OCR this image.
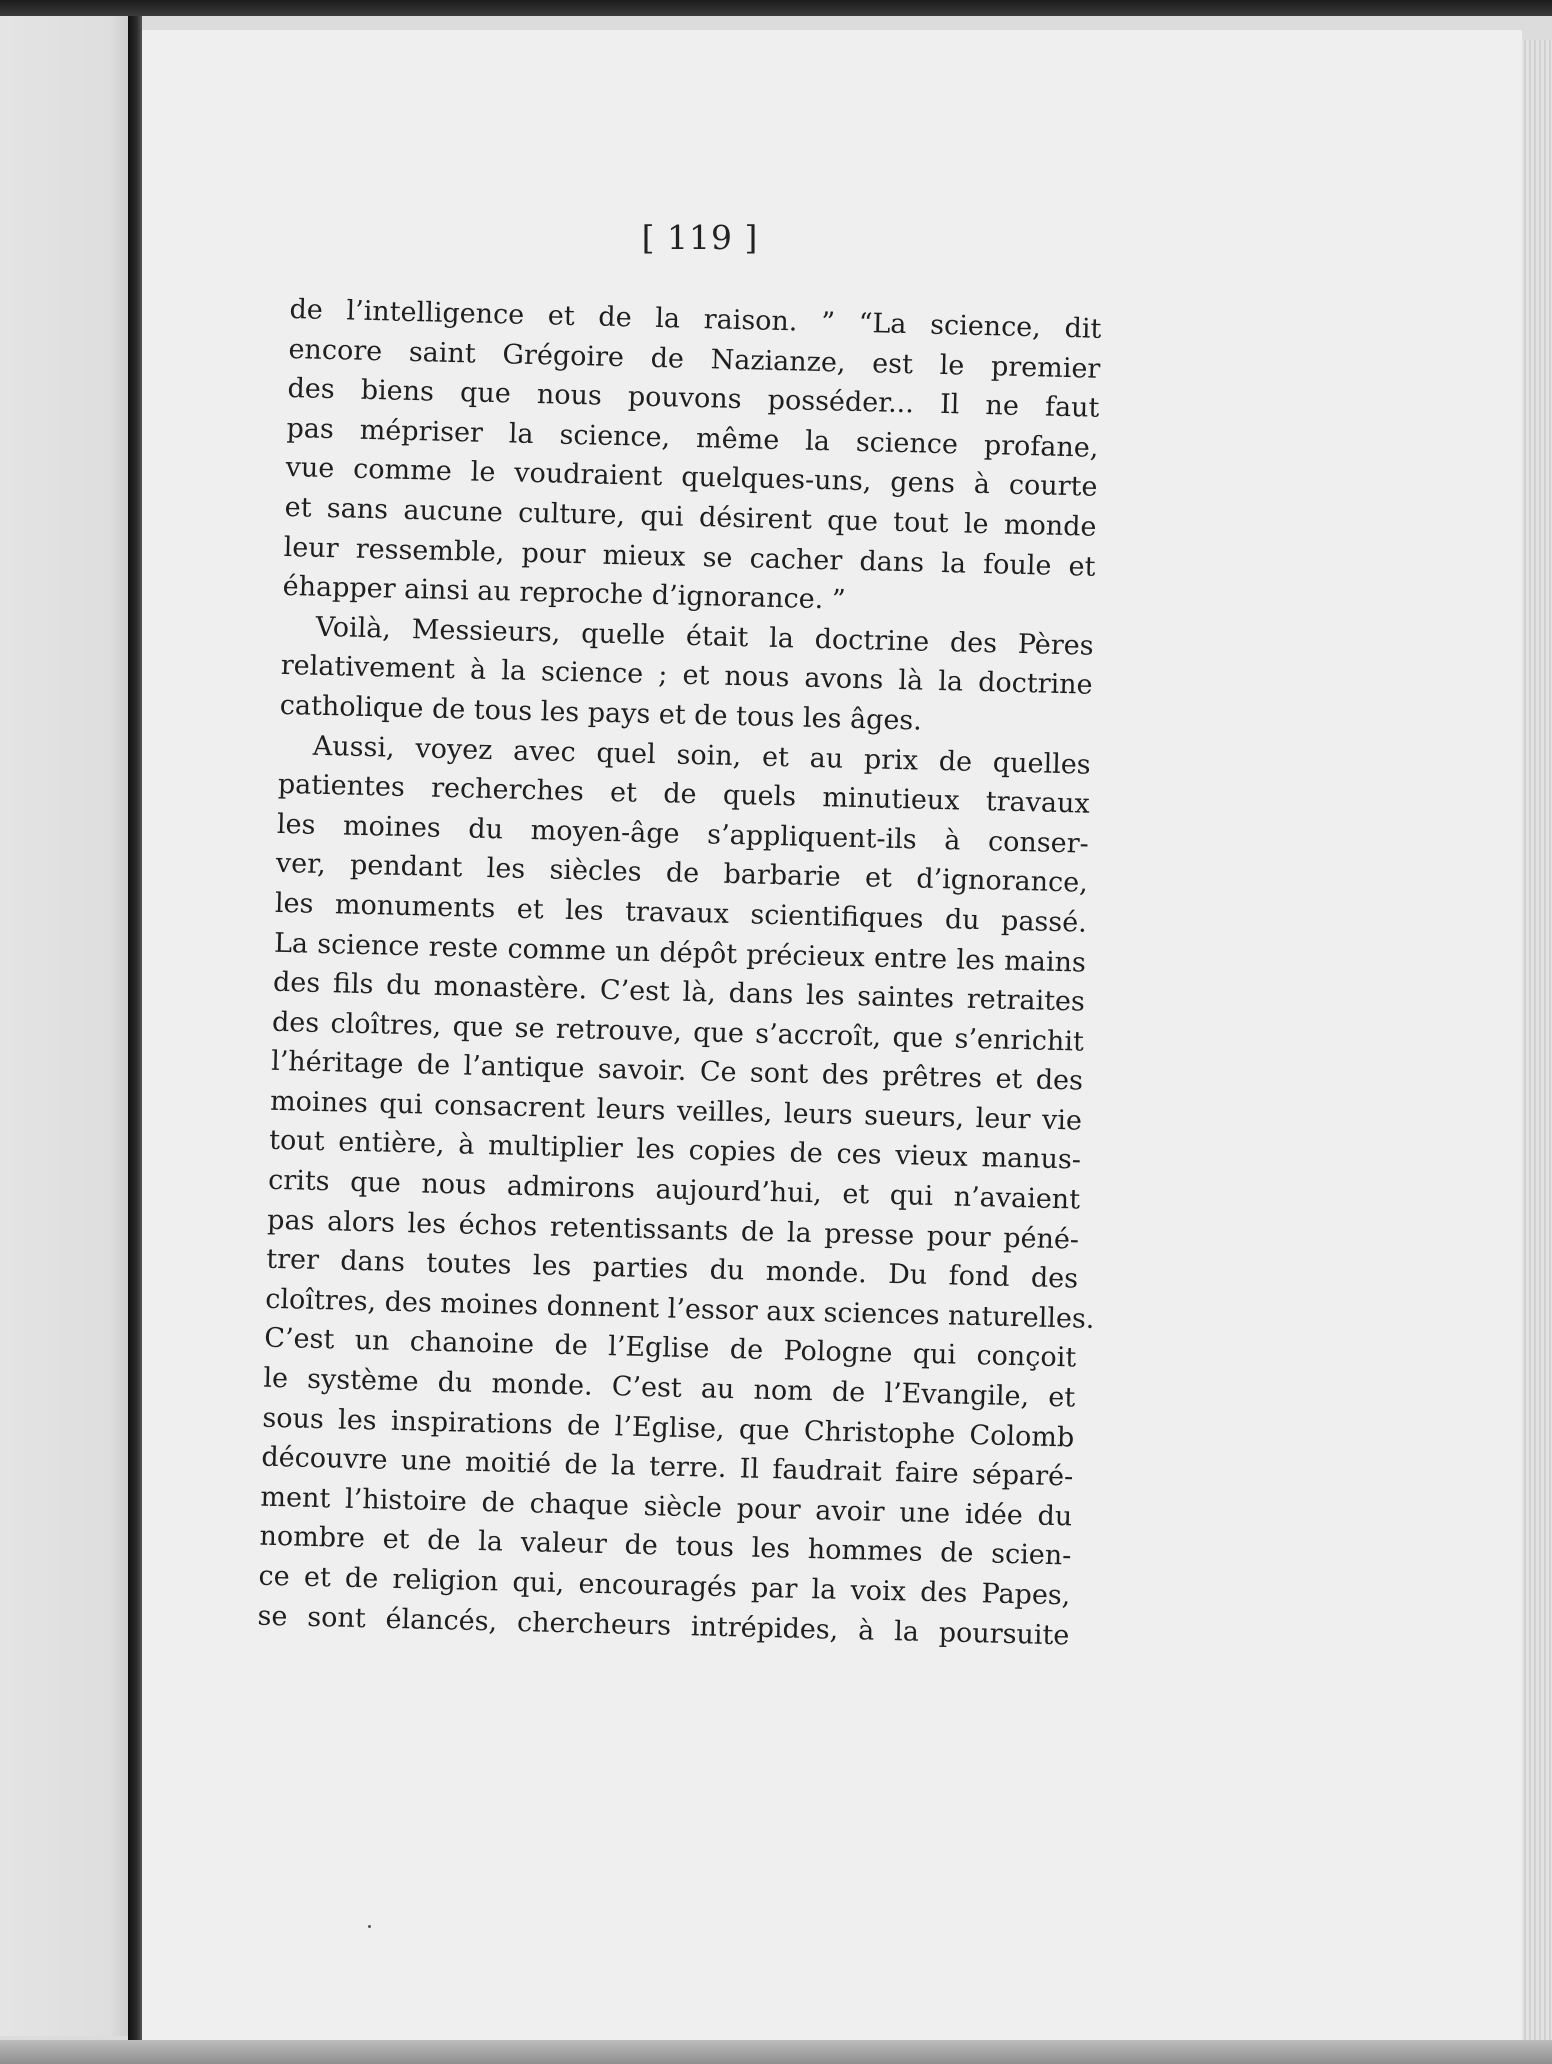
[ 119 ]
de l’intelligence et de la raison. ” “La science, dit
encore saint Grégoire de Nazianze, est le premier
des biens que nous pouvons posséder... Il ne faut
pas mépriser la science, même la science profane,
vue comme le voudraient quelques-uns, gens à courte
et sans aucune culture, qui désirent que tout le monde
leur ressemble, pour mieux se cacher dans la foule et
éhapper ainsi au reproche d’ignorance. ”
Voilà, Messieurs, quelle était la doctrine des Pères
relativement à la science ; et nous avons là la doctrine
catholique de tous les pays et de tous les âges.
Aussi, voyez avec quel soin, et au prix de quelles
patientes recherches et de quels minutieux travaux
les moines du moyen-âge s’appliquent-ils à conser-
ver, pendant les siècles de barbarie et d’ignorance,
les monuments et les travaux scientifiques du passé.
La science reste comme un dépôt précieux entre les mains
des fils du monastère. C’est là, dans les saintes retraites
des cloîtres, que se retrouve, que s’accroît, que s’enrichit
l’héritage de l’antique savoir. Ce sont des prêtres et des
moines qui consacrent leurs veilles, leurs sueurs, leur vie
tout entière, à multiplier les copies de ces vieux manus-
crits que nous admirons aujourd’hui, et qui n’avaient
pas alors les échos retentissants de la presse pour péné-
trer dans toutes les parties du monde. Du fond des
cloîtres, des moines donnent l’essor aux sciences naturelles.
C’est un chanoine de l’Eglise de Pologne qui conçoit
le système du monde. C’est au nom de l’Evangile, et
sous les inspirations de l’Eglise, que Christophe Colomb
découvre une moitié de la terre. Il faudrait faire séparé-
ment l’histoire de chaque siècle pour avoir une idée du
nombre et de la valeur de tous les hommes de scien-
ce et de religion qui, encouragés par la voix des Papes,
se sont élancés, chercheurs intrépides, à la poursuite
